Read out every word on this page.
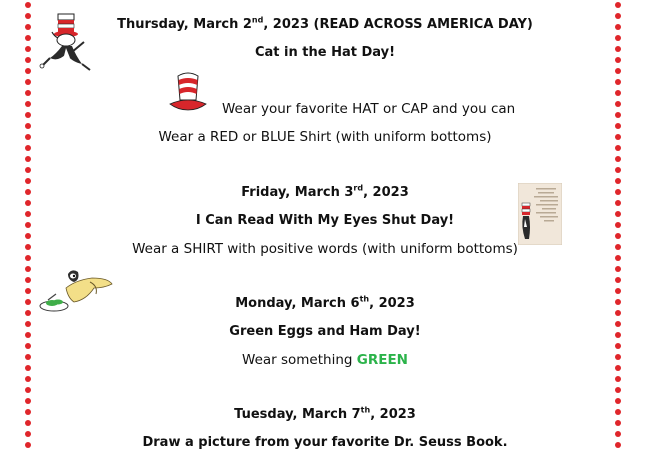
Thursday, March 2nd, 2023 (READ ACROSS AMERICA DAY)
Cat in the Hat Day!
Wear your favorite HAT or CAP and you can
Wear a RED or BLUE Shirt (with uniform bottoms)
Friday, March 3rd, 2023
I Can Read With My Eyes Shut Day!
Wear a SHIRT with positive words (with uniform bottoms)
Monday, March 6th, 2023
Green Eggs and Ham Day!
Wear something GREEN
Tuesday, March 7th, 2023
Draw a picture from your favorite Dr. Seuss Book.
